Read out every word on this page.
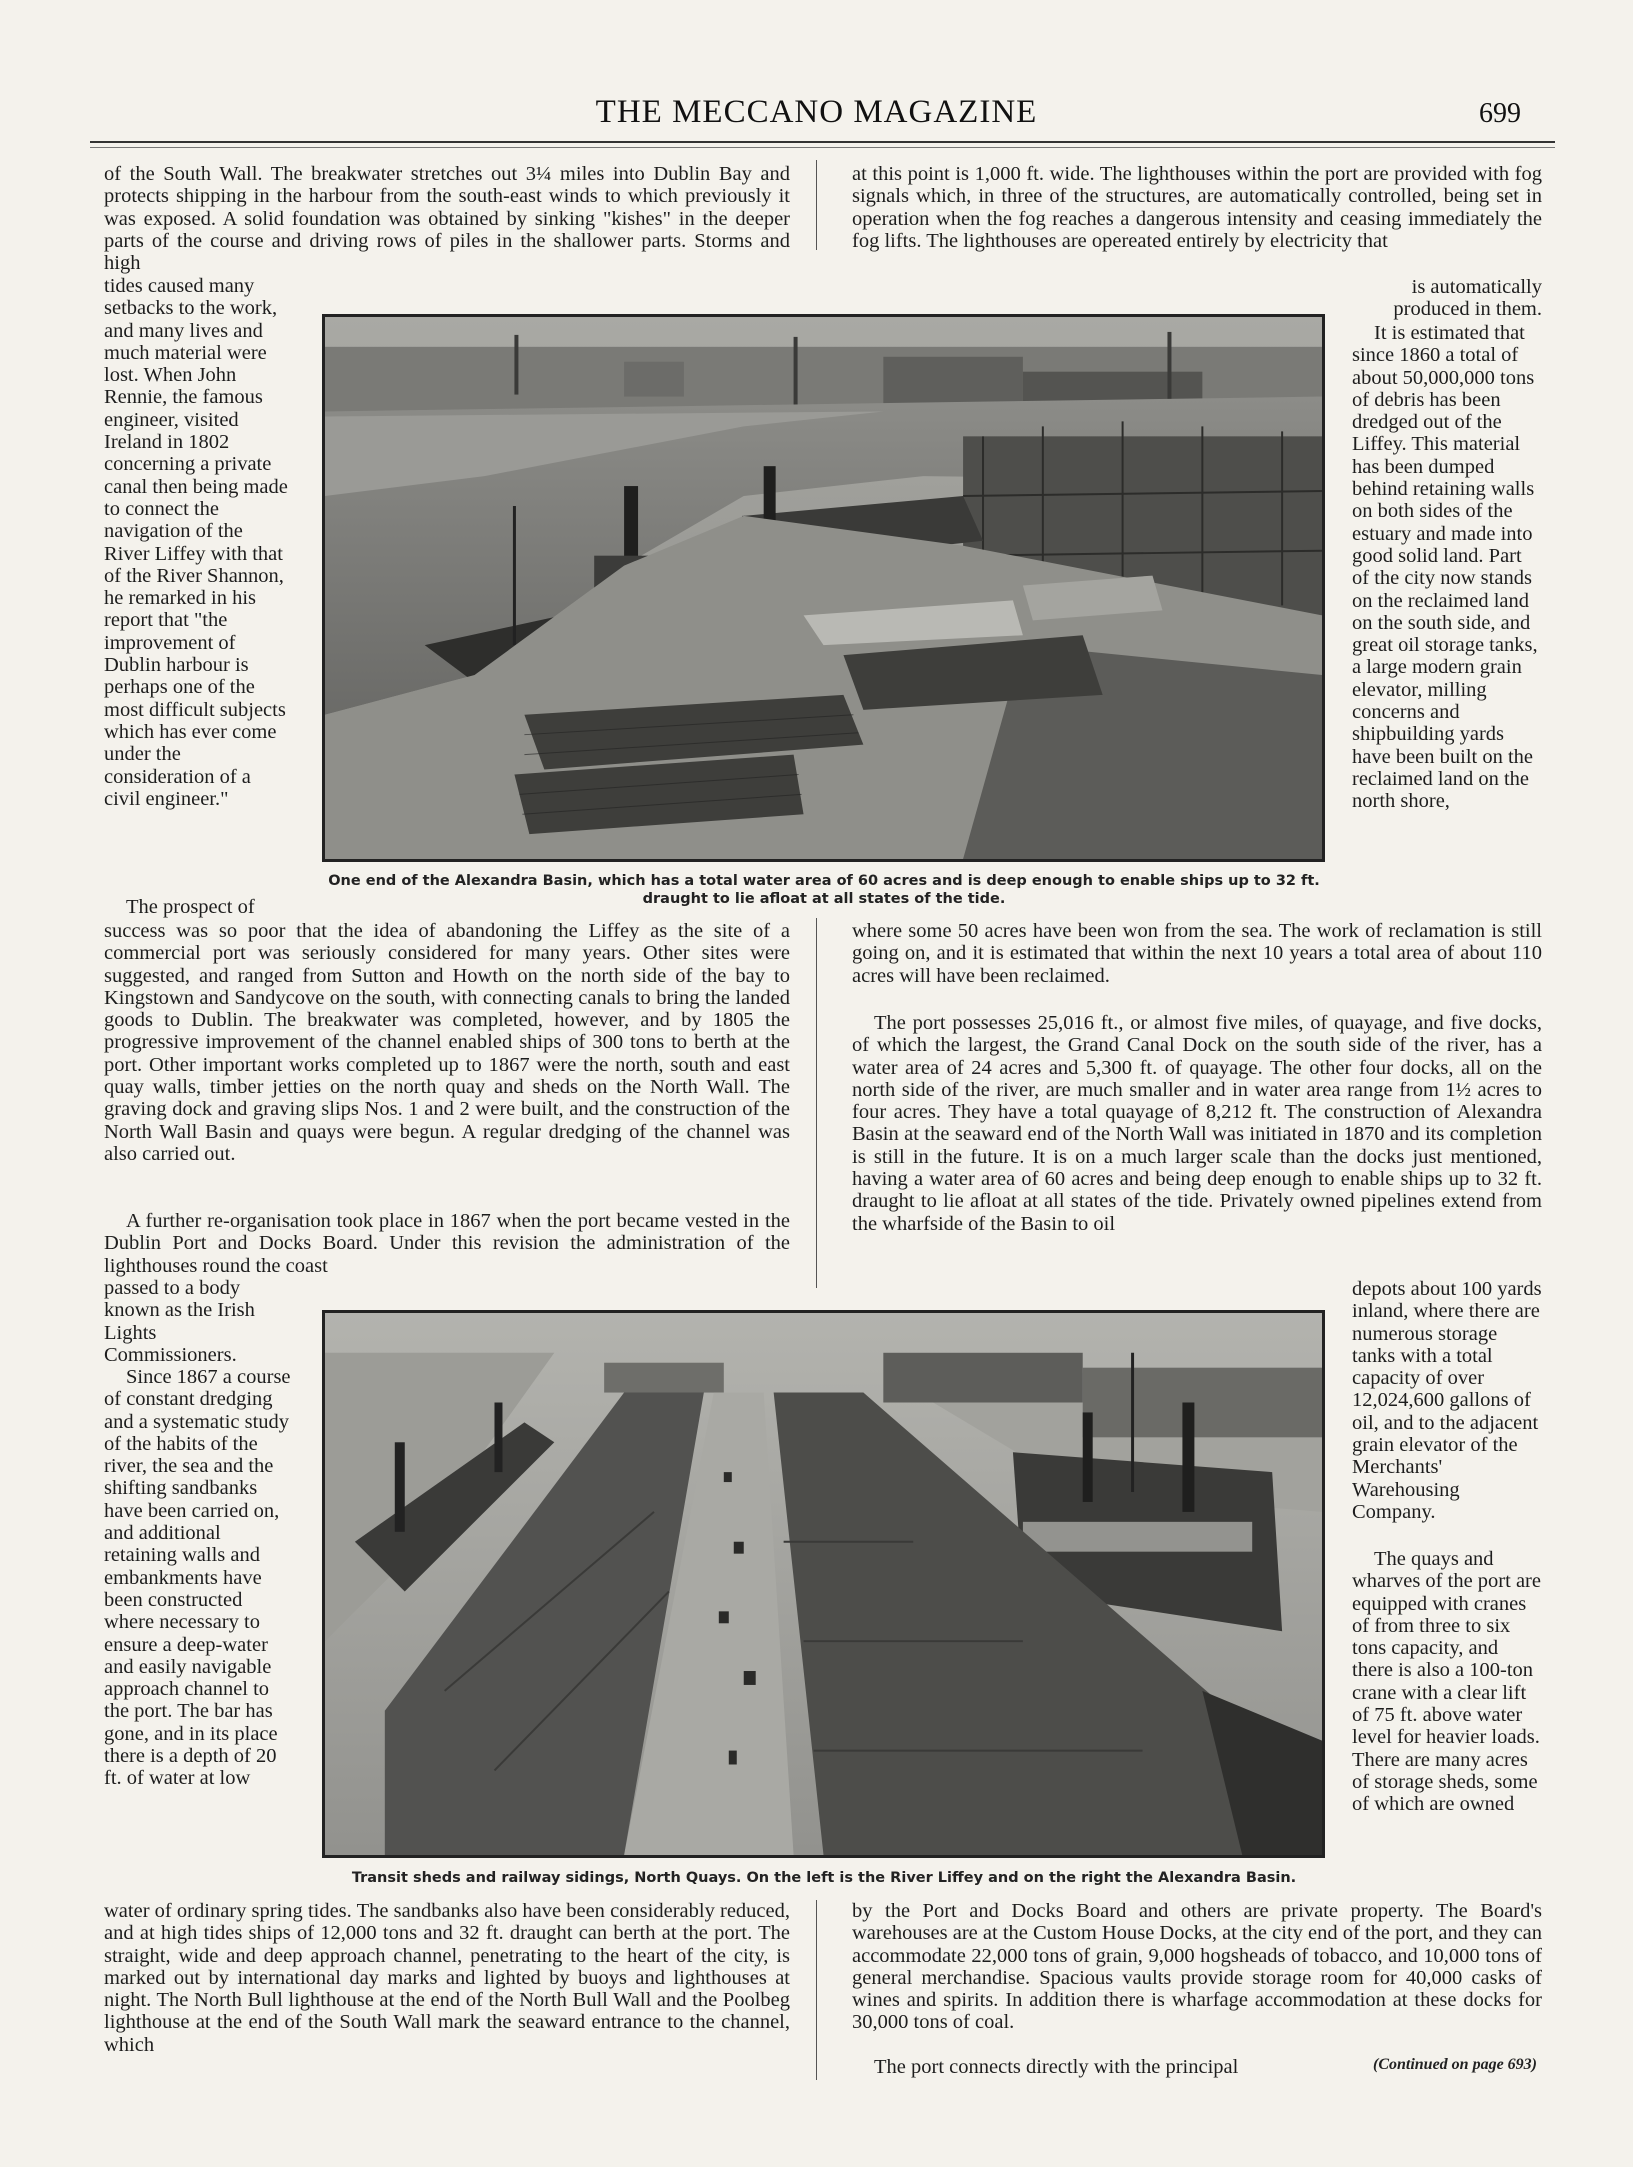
THE MECCANO MAGAZINE	699

of the South Wall. The breakwater stretches out 3¼ miles into Dublin Bay and protects shipping in the harbour from the south-east winds to which previously it was exposed. A solid foundation was obtained by sinking "kishes" in the deeper parts of the course and driving rows of piles in the shallower parts. Storms and high

at this point is 1,000 ft. wide. The lighthouses within the port are provided with fog signals which, in three of the structures, are automatically controlled, being set in operation when the fog reaches a dangerous intensity and ceasing immediately the fog lifts. The lighthouses are opereated entirely by electricity that

tides caused many setbacks to the work, and many lives and much material were lost. When John Rennie, the famous engineer, visited Ireland in 1802 concerning a private canal then being made to connect the navigation of the River Liffey with that of the River Shannon, he remarked in his report that "the improvement of Dublin harbour is perhaps one of the most difficult subjects which has ever come under the consideration of a civil engineer."

The prospect of

is automatically produced in them.

It is estimated that since 1860 a total of about 50,000,000 tons of debris has been dredged out of the Liffey. This material has been dumped behind retaining walls on both sides of the estuary and made into good solid land. Part of the city now stands on the reclaimed land on the south side, and great oil storage tanks, a large modern grain elevator, milling concerns and shipbuilding yards have been built on the reclaimed land on the north shore,

One end of the Alexandra Basin, which has a total water area of 60 acres and is deep enough to enable ships up to 32 ft. draught to lie afloat at all states of the tide.

success was so poor that the idea of abandoning the Liffey as the site of a commercial port was seriously considered for many years. Other sites were suggested, and ranged from Sutton and Howth on the north side of the bay to Kingstown and Sandycove on the south, with connecting canals to bring the landed goods to Dublin. The breakwater was completed, however, and by 1805 the progressive improvement of the channel enabled ships of 300 tons to berth at the port. Other important works completed up to 1867 were the north, south and east quay walls, timber jetties on the north quay and sheds on the North Wall. The graving dock and graving slips Nos. 1 and 2 were built, and the construction of the North Wall Basin and quays were begun. A regular dredging of the channel was also carried out.

A further re-organisation took place in 1867 when the port became vested in the Dublin Port and Docks Board. Under this revision the administration of the lighthouses round the coast

passed to a body known as the Irish Lights Commissioners.

Since 1867 a course of constant dredging and a systematic study of the habits of the river, the sea and the shifting sandbanks have been carried on, and additional retaining walls and embankments have been constructed where necessary to ensure a deep-water and easily navigable approach channel to the port. The bar has gone, and in its place there is a depth of 20 ft. of water at low

where some 50 acres have been won from the sea. The work of reclamation is still going on, and it is estimated that within the next 10 years a total area of about 110 acres will have been reclaimed.

The port possesses 25,016 ft., or almost five miles, of quayage, and five docks, of which the largest, the Grand Canal Dock on the south side of the river, has a water area of 24 acres and 5,300 ft. of quayage. The other four docks, all on the north side of the river, are much smaller and in water area range from 1½ acres to four acres. They have a total quayage of 8,212 ft. The construction of Alexandra Basin at the seaward end of the North Wall was initiated in 1870 and its completion is still in the future. It is on a much larger scale than the docks just mentioned, having a water area of 60 acres and being deep enough to enable ships up to 32 ft. draught to lie afloat at all states of the tide. Privately owned pipelines extend from the wharfside of the Basin to oil

depots about 100 yards inland, where there are numerous storage tanks with a total capacity of over 12,024,600 gallons of oil, and to the adjacent grain elevator of the Merchants' Warehousing Company.

The quays and wharves of the port are equipped with cranes of from three to six tons capacity, and there is also a 100-ton crane with a clear lift of 75 ft. above water level for heavier loads. There are many acres of storage sheds, some of which are owned

Transit sheds and railway sidings, North Quays. On the left is the River Liffey and on the right the Alexandra Basin.

water of ordinary spring tides. The sandbanks also have been considerably reduced, and at high tides ships of 12,000 tons and 32 ft. draught can berth at the port. The straight, wide and deep approach channel, penetrating to the heart of the city, is marked out by international day marks and lighted by buoys and lighthouses at night. The North Bull lighthouse at the end of the North Bull Wall and the Poolbeg lighthouse at the end of the South Wall mark the seaward entrance to the channel, which

by the Port and Docks Board and others are private property. The Board's warehouses are at the Custom House Docks, at the city end of the port, and they can accommodate 22,000 tons of grain, 9,000 hogsheads of tobacco, and 10,000 tons of general merchandise. Spacious vaults provide storage room for 40,000 casks of wines and spirits. In addition there is wharfage accommodation at these docks for 30,000 tons of coal.

The port connects directly with the principal	(Continued on page 693)
